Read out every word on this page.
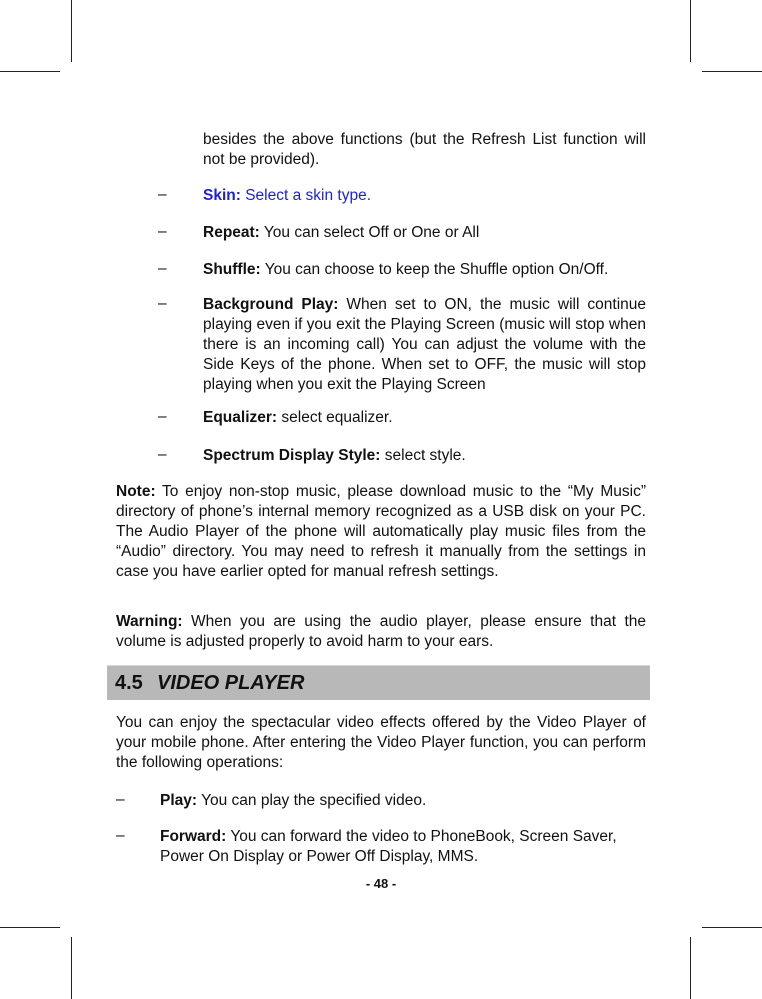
besides the above functions (but the Refresh List function will not be provided).

–	Skin: Select a skin type.

–	Repeat: You can select Off or One or All

–	Shuffle: You can choose to keep the Shuffle option On/Off.

–	Background Play: When set to ON, the music will continue playing even if you exit the Playing Screen (music will stop when there is an incoming call) You can adjust the volume with the Side Keys of the phone. When set to OFF, the music will stop playing when you exit the Playing Screen

–	Equalizer: select equalizer.

–	Spectrum Display Style: select style.

Note: To enjoy non-stop music, please download music to the “My Music” directory of phone’s internal memory recognized as a USB disk on your PC. The Audio Player of the phone will automatically play music files from the “Audio” directory. You may need to refresh it manually from the settings in case you have earlier opted for manual refresh settings.

Warning: When you are using the audio player, please ensure that the volume is adjusted properly to avoid harm to your ears.

4.5 VIDEO PLAYER

You can enjoy the spectacular video effects offered by the Video Player of your mobile phone. After entering the Video Player function, you can perform the following operations:

–	Play: You can play the specified video.

–	Forward: You can forward the video to PhoneBook, Screen Saver, Power On Display or Power Off Display, MMS.

- 48 -
